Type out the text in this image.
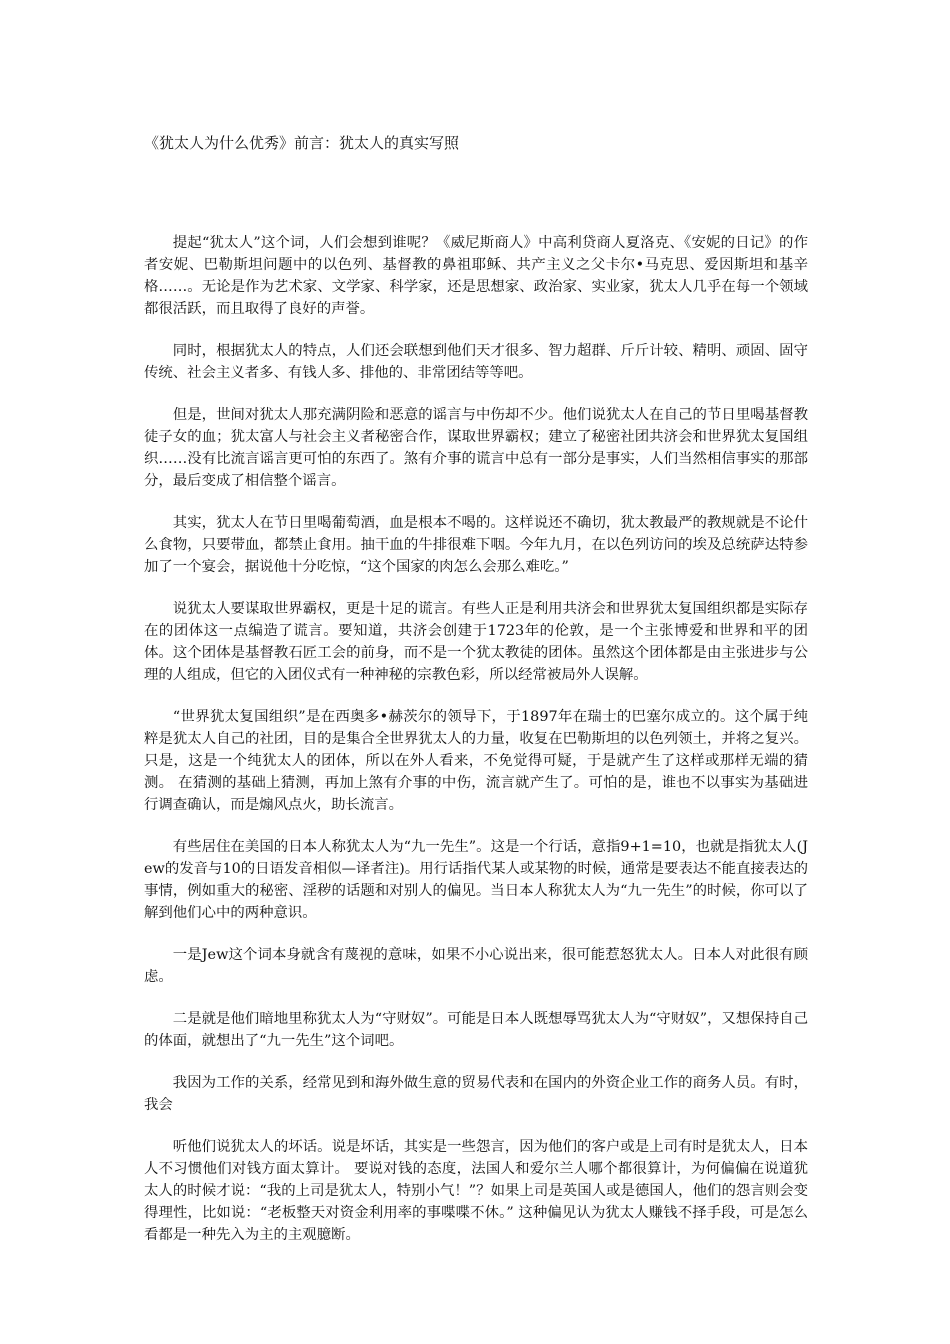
《犹太人为什么优秀》前言：犹太人的真实写照

提起“犹太人”这个词，人们会想到谁呢？《威尼斯商人》中高利贷商人夏洛克、《安妮的日记》的作者安妮、巴勒斯坦问题中的以色列、基督教的鼻祖耶稣、共产主义之父卡尔•马克思、爱因斯坦和基辛格……。无论是作为艺术家、文学家、科学家，还是思想家、政治家、实业家，犹太人几乎在每一个领域都很活跃，而且取得了良好的声誉。

同时，根据犹太人的特点，人们还会联想到他们天才很多、智力超群、斤斤计较、精明、顽固、固守传统、社会主义者多、有钱人多、排他的、非常团结等等吧。

但是，世间对犹太人那充满阴险和恶意的谣言与中伤却不少。他们说犹太人在自己的节日里喝基督教徒子女的血；犹太富人与社会主义者秘密合作，谋取世界霸权；建立了秘密社团共济会和世界犹太复国组织……没有比流言谣言更可怕的东西了。煞有介事的谎言中总有一部分是事实，人们当然相信事实的那部分，最后变成了相信整个谣言。

其实，犹太人在节日里喝葡萄酒，血是根本不喝的。这样说还不确切，犹太教最严的教规就是不论什么食物，只要带血，都禁止食用。抽干血的牛排很难下咽。今年九月，在以色列访问的埃及总统萨达特参加了一个宴会，据说他十分吃惊，“这个国家的肉怎么会那么难吃。”

说犹太人要谋取世界霸权，更是十足的谎言。有些人正是利用共济会和世界犹太复国组织都是实际存在的团体这一点编造了谎言。要知道，共济会创建于1723年的伦敦，是一个主张博爱和世界和平的团体。这个团体是基督教石匠工会的前身，而不是一个犹太教徒的团体。虽然这个团体都是由主张进步与公理的人组成，但它的入团仪式有一种神秘的宗教色彩，所以经常被局外人误解。

“世界犹太复国组织”是在西奥多•赫茨尔的领导下，于1897年在瑞士的巴塞尔成立的。这个属于纯粹是犹太人自己的社团，目的是集合全世界犹太人的力量，收复在巴勒斯坦的以色列领土，并将之复兴。只是，这是一个纯犹太人的团体，所以在外人看来，不免觉得可疑，于是就产生了这样或那样无端的猜测。 在猜测的基础上猜测，再加上煞有介事的中伤，流言就产生了。可怕的是，谁也不以事实为基础进行调查确认，而是煽风点火，助长流言。

有些居住在美国的日本人称犹太人为“九一先生”。这是一个行话，意指9+1=10，也就是指犹太人(Jew的发音与10的日语发音相似—译者注)。用行话指代某人或某物的时候，通常是要表达不能直接表达的事情，例如重大的秘密、淫秽的话题和对别人的偏见。当日本人称犹太人为“九一先生”的时候，你可以了解到他们心中的两种意识。

一是Jew这个词本身就含有蔑视的意味，如果不小心说出来，很可能惹怒犹太人。日本人对此很有顾虑。

二是就是他们暗地里称犹太人为“守财奴”。可能是日本人既想辱骂犹太人为“守财奴”，又想保持自己的体面，就想出了“九一先生”这个词吧。

我因为工作的关系，经常见到和海外做生意的贸易代表和在国内的外资企业工作的商务人员。有时，我会

听他们说犹太人的坏话。说是坏话，其实是一些怨言，因为他们的客户或是上司有时是犹太人，日本人不习惯他们对钱方面太算计。 要说对钱的态度，法国人和爱尔兰人哪个都很算计，为何偏偏在说道犹太人的时候才说：“我的上司是犹太人，特别小气！”？如果上司是英国人或是德国人，他们的怨言则会变得理性，比如说：“老板整天对资金利用率的事喋喋不休。” 这种偏见认为犹太人赚钱不择手段，可是怎么看都是一种先入为主的主观臆断。
